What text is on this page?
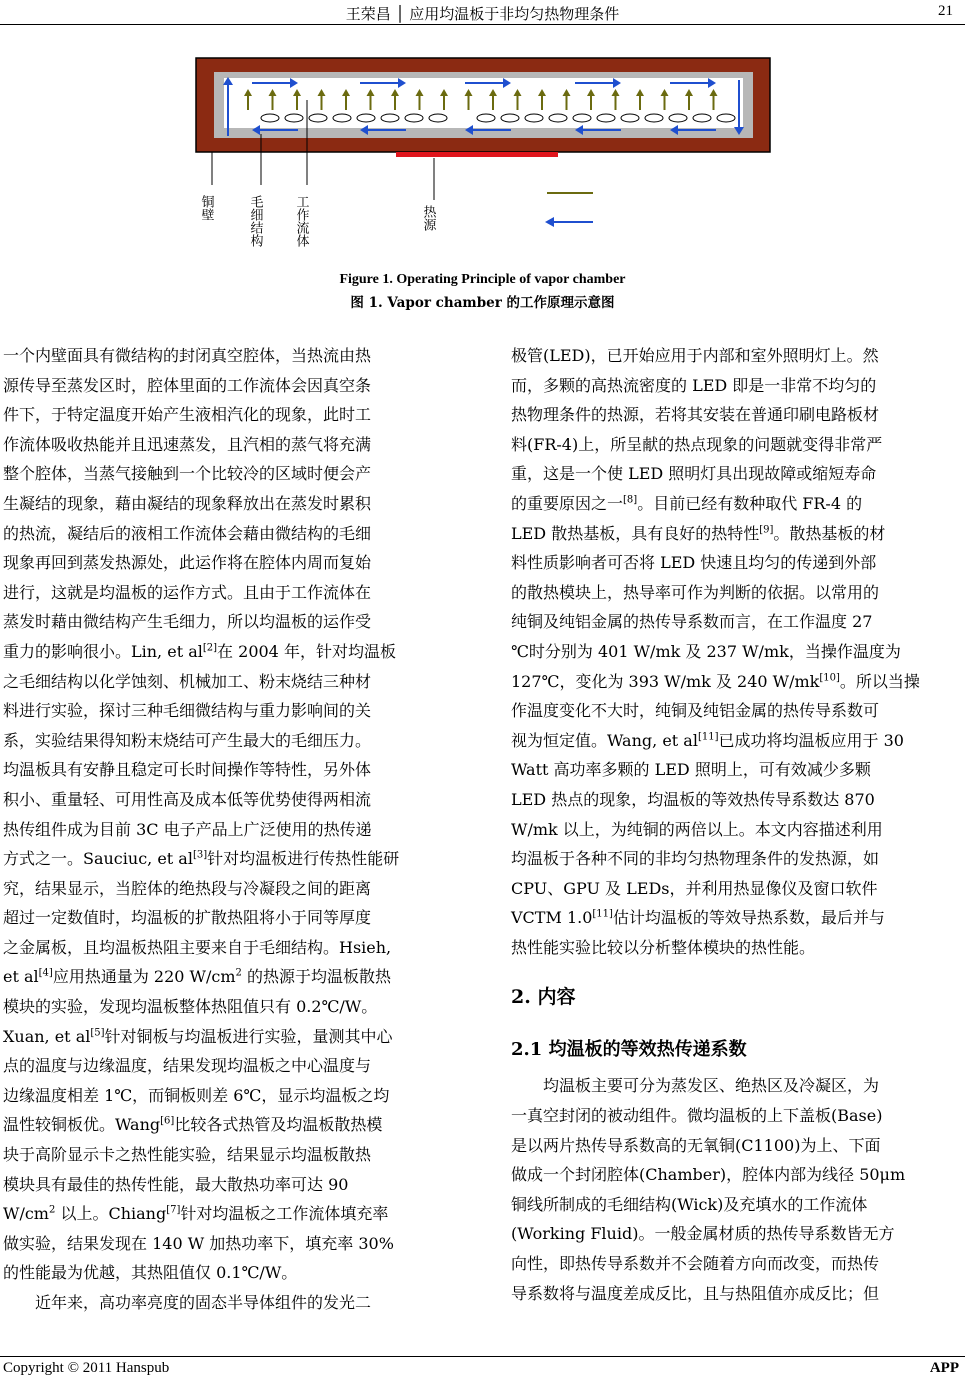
王荣昌 │ 应用均温板于非均匀热物理条件	21
铜壁	毛细结构 工作流体	热源
Figure 1. Operating Principle of vapor chamber
图 1. Vapor chamber 的工作原理示意图

一个内壁面具有微结构的封闭真空腔体，当热流由热
源传导至蒸发区时，腔体里面的工作流体会因真空条
件下，于特定温度开始产生液相汽化的现象，此时工
作流体吸收热能并且迅速蒸发，且汽相的蒸气将充满
整个腔体，当蒸气接触到一个比较冷的区域时便会产
生凝结的现象，藉由凝结的现象释放出在蒸发时累积
的热流，凝结后的液相工作流体会藉由微结构的毛细
现象再回到蒸发热源处，此运作将在腔体内周而复始
进行，这就是均温板的运作方式。且由于工作流体在
蒸发时藉由微结构产生毛细力，所以均温板的运作受
重力的影响很小。Lin, et al[2]在 2004 年，针对均温板
之毛细结构以化学蚀刻、机械加工、粉末烧结三种材
料进行实验，探讨三种毛细微结构与重力影响间的关
系，实验结果得知粉末烧结可产生最大的毛细压力。

均温板具有安静且稳定可长时间操作等特性，另外体
积小、重量轻、可用性高及成本低等优势使得两相流
热传组件成为目前 3C 电子产品上广泛使用的热传递
方式之一。Sauciuc, et al[3]针对均温板进行传热性能研
究，结果显示，当腔体的绝热段与冷凝段之间的距离
超过一定数值时，均温板的扩散热阻将小于同等厚度
之金属板，且均温板热阻主要来自于毛细结构。Hsieh,
et al[4]应用热通量为 220 $W/cm^2$ 的热源于均温板散热
模块的实验，发现均温板整体热阻值只有 0.2℃/W。
Xuan, et al[5]针对铜板与均温板进行实验，量测其中心
点的温度与边缘温度，结果发现均温板之中心温度与
边缘温度相差 1℃，而铜板则差 6℃，显示均温板之均
温性较铜板优。Wang[6]比较各式热管及均温板散热模
块于高阶显示卡之热性能实验，结果显示均温板散热
模块具有最佳的热传性能，最大散热功率可达 90
$W/cm^2$ 以上。Chiang[7]针对均温板之工作流体填充率
做实验，结果发现在 140 W 加热功率下，填充率 30%
的性能最为优越，其热阻值仅 0.1℃/W。

近年来，高功率亮度的固态半导体组件的发光二

极管(LED)，已开始应用于内部和室外照明灯上。然
而，多颗的高热流密度的 LED 即是一非常不均匀的
热物理条件的热源，若将其安装在普通印刷电路板材
料(FR-4)上，所呈献的热点现象的问题就变得非常严
重，这是一个使 LED 照明灯具出现故障或缩短寿命
的重要原因之一[8]。目前已经有数种取代 FR-4 的
LED 散热基板，具有良好的热特性[9]。散热基板的材
料性质影响者可否将 LED 快速且均匀的传递到外部
的散热模块上，热导率可作为判断的依据。以常用的
纯铜及纯铝金属的热传导系数而言，在工作温度 27
℃时分别为 401 W/mk 及 237 W/mk，当操作温度为
127℃，变化为 393 W/mk 及 240 W/mk[10]。所以当操
作温度变化不大时，纯铜及纯铝金属的热传导系数可
视为恒定值。Wang, et al[11]已成功将均温板应用于 30
Watt 高功率多颗的 LED 照明上，可有效减少多颗
LED 热点的现象，均温板的等效热传导系数达 870
W/mk 以上，为纯铜的两倍以上。本文内容描述利用
均温板于各种不同的非均匀热物理条件的发热源，如
CPU、GPU 及 LEDs，并利用热显像仪及窗口软件
VCTM 1.0[11]估计均温板的等效导热系数，最后并与
热性能实验比较以分析整体模块的热性能。

2. 内容
2.1 均温板的等效热传递系数

均温板主要可分为蒸发区、绝热区及冷凝区，为
一真空封闭的被动组件。微均温板的上下盖板(Base)
是以两片热传导系数高的无氧铜(C1100)为上、下面
做成一个封闭腔体(Chamber)，腔体内部为线径 50μm
铜线所制成的毛细结构(Wick)及充填水的工作流体
(Working Fluid)。一般金属材质的热传导系数皆无方
向性，即热传导系数并不会随着方向而改变，而热传
导系数将与温度差成反比，且与热阻值亦成反比；但

Copyright © 2011 Hanspub	APP
